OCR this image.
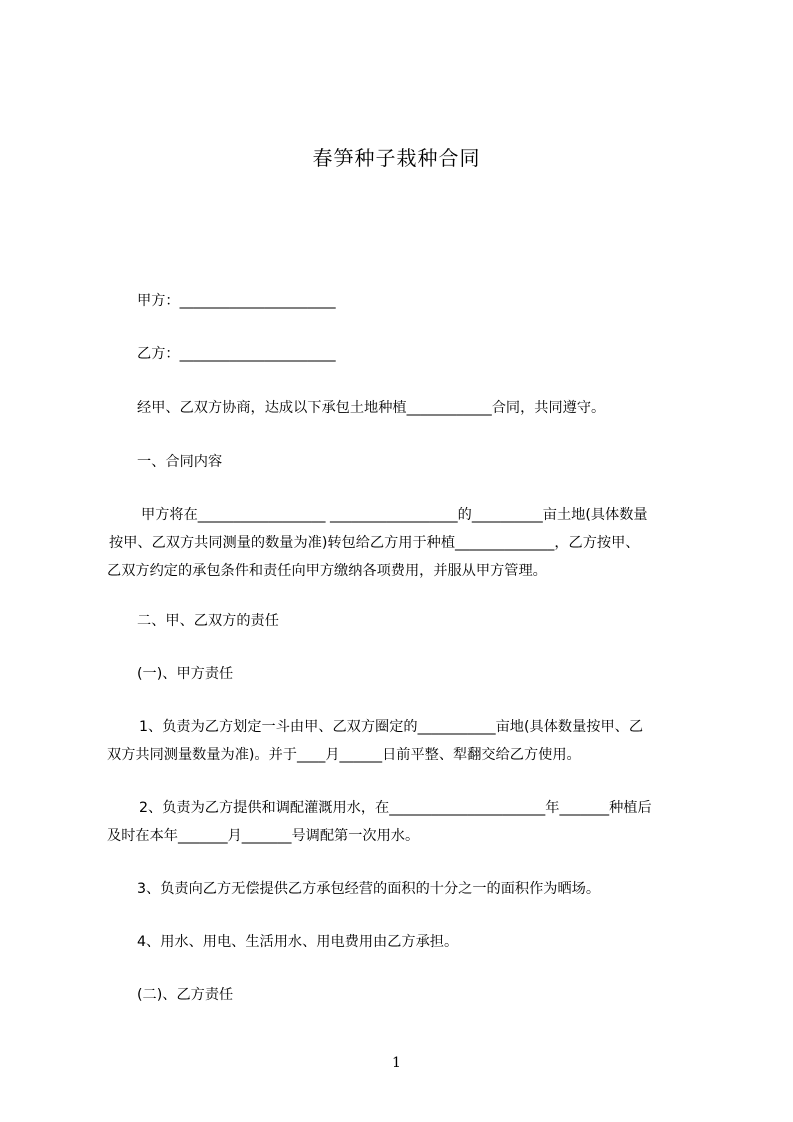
春笋种子栽种合同
甲方：______________________
乙方：______________________
经甲、乙双方协商，达成以下承包土地种植____________合同，共同遵守。
一、合同内容
甲方将在__________________ __________________的__________亩土地(具体数量
按甲、乙双方共同测量的数量为准)转包给乙方用于种植______________，乙方按甲、
乙双方约定的承包条件和责任向甲方缴纳各项费用，并服从甲方管理。
二、甲、乙双方的责任
(一)、甲方责任
1、负责为乙方划定一斗由甲、乙双方圈定的___________亩地(具体数量按甲、乙
双方共同测量数量为准)。并于____月______日前平整、犁翻交给乙方使用。
2、负责为乙方提供和调配灌溉用水，在______________________年_______种植后
及时在本年_______月_______号调配第一次用水。
3、负责向乙方无偿提供乙方承包经营的面积的十分之一的面积作为晒场。
4、用水、用电、生活用水、用电费用由乙方承担。
(二)、乙方责任
1
